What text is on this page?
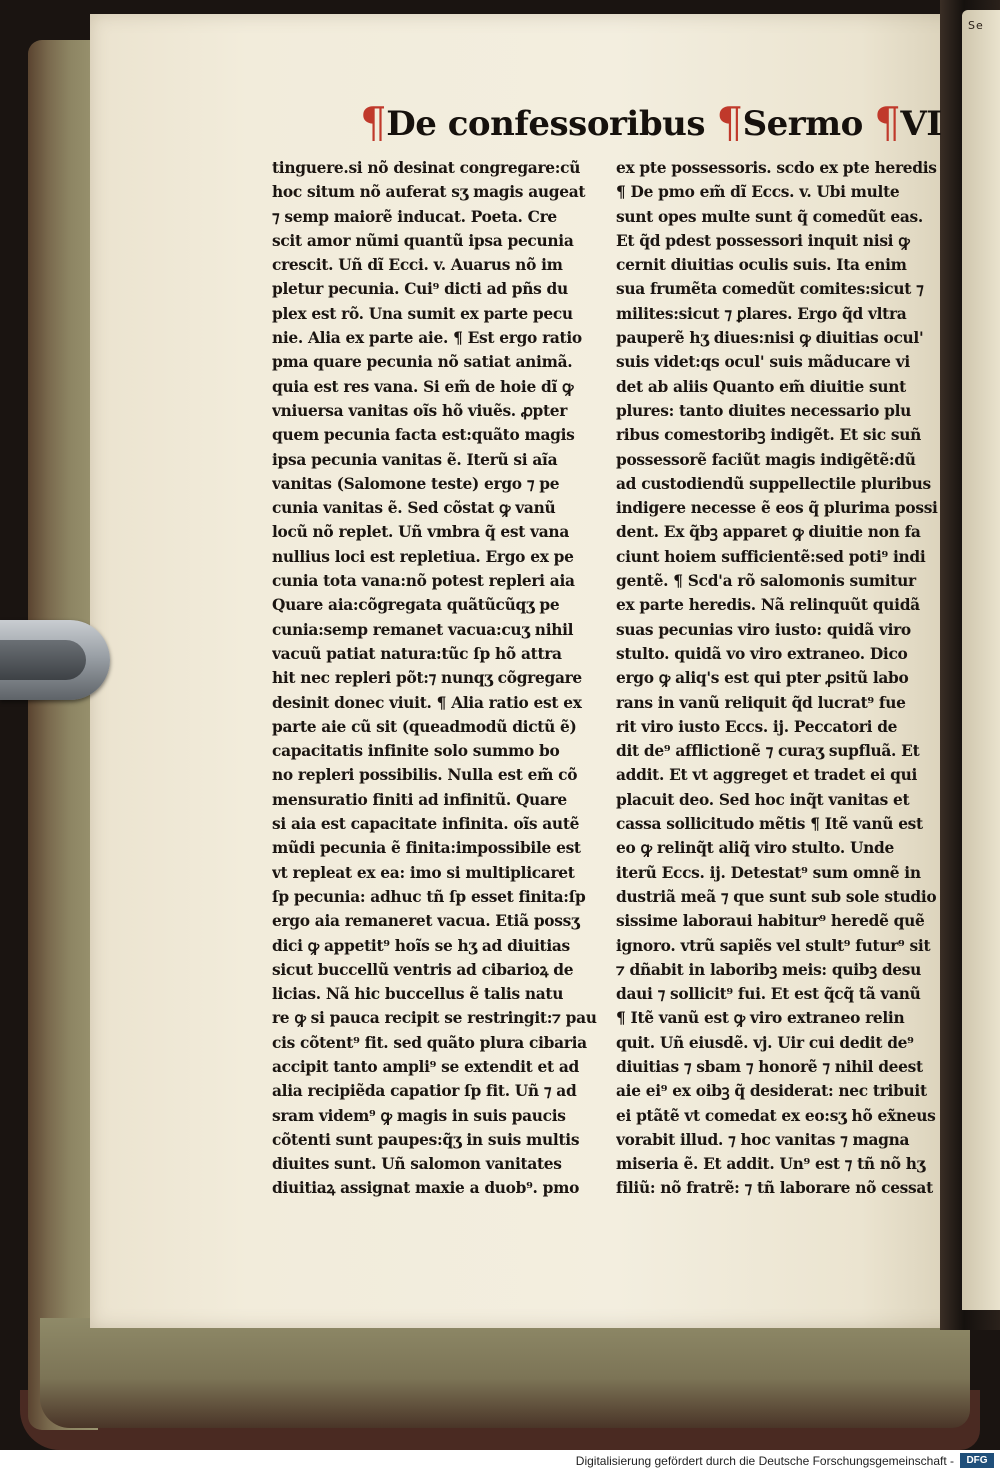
Se
¶De confessoribus ¶Sermo ¶VI
tinguere.si nõ desinat congregare:cũ
hoc situm nõ auferat sʒ magis augeat
⁊ semp maiorẽ inducat. Poeta. Cre
scit amor nũmi quantũ ipsa pecunia
crescit. Uñ dĩ Ecci. v. Auarus nõ im
pletur pecunia. Cui⁹ dicti ad pñs du
plex est rõ. Una sumit ex parte pecu
nie. Alia ex parte aie. ¶ Est ergo ratio
pma quare pecunia nõ satiat animã.
quia est res vana. Si em̃ de hoie dĩ ꝙ
vniuersa vanitas oĩs hõ viuẽs. ꝓpter
quem pecunia facta est:quãto magis
ipsa pecunia vanitas ẽ. Iterũ si aĩa
vanitas (Salomone teste) ergo ⁊ pe
cunia vanitas ẽ. Sed cõstat ꝙ vanũ
locũ nõ replet. Uñ vmbra q̃ est vana
nullius loci est repletiua. Ergo ex pe
cunia tota vana:nõ potest repleri aia
Quare aia:cõgregata quãtũcũqʒ pe
cunia:semp remanet vacua:cuʒ nihil
vacuũ patiat natura:tũc ſp hõ attra
hit nec repleri põt:⁊ nunqʒ cõgregare
desinit donec viuit. ¶ Alia ratio est ex
parte aie cũ sit (queadmodũ dictũ ẽ)
capacitatis infinite solo summo bo
no repleri possibilis. Nulla est em̃ cõ
mensuratio finiti ad infinitũ. Quare
si aia est capacitate infinita. oĩs autẽ
mũdi pecunia ẽ finita:impossibile est
vt repleat ex ea: imo si multiplicaret
ſp pecunia: adhuc tñ ſp esset finita:ſp
ergo aia remaneret vacua. Etiã possʒ
dici ꝙ appetit⁹ hoĩs se hʒ ad diuitias
sicut buccellũ ventris ad cibarioꝝ de
licias. Nã hic buccellus ẽ talis natu
re ꝙ si pauca recipit se restringit:⁊ pau
cis cõtent⁹ fit. sed quãto plura cibaria
accipit tanto ampli⁹ se extendit et ad
alia recipiẽda capatior ſp fit. Uñ ⁊ ad
sram videm⁹ ꝙ magis in suis paucis
cõtenti sunt paupes:q̃ʒ in suis multis
diuites sunt. Uñ salomon vanitates
diuitiaꝝ assignat maxie a duob⁹. pmo
ex pte possessoris. scdo ex pte heredis
¶ De pmo em̃ dĩ Eccs. v. Ubi multe
sunt opes multe sunt q̃ comedũt eas.
Et q̃d pdest possessori inquit nisi ꝙ
cernit diuitias oculis suis. Ita enim
sua frumẽta comedũt comites:sicut ⁊
milites:sicut ⁊ ꝑlares. Ergo q̃d vltra
pauperẽ hʒ diues:nisi ꝙ diuitias ocul'
suis videt:qs ocul' suis mãducare vi
det ab aliis Quanto em̃ diuitie sunt
plures: tanto diuites necessario plu
ribus comestoribꝫ indigẽt. Et sic suñ
possessorẽ faciũt magis indigẽtẽ:dũ
ad custodiendũ suppellectile pluribus
indigere necesse ẽ eos q̃ plurima possi
dent. Ex q̃bꝫ apparet ꝙ diuitie non fa
ciunt hoiem sufficientẽ:sed poti⁹ indi
gentẽ. ¶ Scd'a rõ salomonis sumitur
ex parte heredis. Nã relinquũt quidã
suas pecunias viro iusto: quidã viro
stulto. quidã vo viro extraneo. Dico
ergo ꝙ aliq's est qui pter ꝓsitũ labo
rans in vanũ reliquit q̃d lucrat⁹ fue
rit viro iusto Eccs. ij. Peccatori de
dit de⁹ afflictionẽ ⁊ curaʒ supfluã. Et
addit. Et vt aggreget et tradet ei qui
placuit deo. Sed hoc inq̃t vanitas et
cassa sollicitudo mẽtis ¶ Itẽ vanũ est
eo ꝙ relinq̃t aliq̃ viro stulto. Unde
iterũ Eccs. ij. Detestat⁹ sum omnẽ in
dustriã meã ⁊ que sunt sub sole studio
sissime laboraui habitur⁹ heredẽ quẽ
ignoro. vtrũ sapiẽs vel stult⁹ futur⁹ sit
⁊ dñabit in laboribꝫ meis: quibꝫ desu
daui ⁊ sollicit⁹ fui. Et est q̃cq̃ tã vanũ
¶ Itẽ vanũ est ꝙ viro extraneo relin
quit. Uñ eiusdẽ. vj. Uir cui dedit de⁹
diuitias ⁊ sbam ⁊ honorẽ ⁊ nihil deest
aie ei⁹ ex oibꝫ q̃ desiderat: nec tribuit
ei ptãtẽ vt comedat ex eo:sʒ hõ ex̃neus
vorabit illud. ⁊ hoc vanitas ⁊ magna
miseria ẽ. Et addit. Un⁹ est ⁊ tñ nõ hʒ
filiũ: nõ fratrẽ: ⁊ tñ laborare nõ cessat
Digitalisierung gefördert durch die Deutsche Forschungsgemeinschaft -	DFG
